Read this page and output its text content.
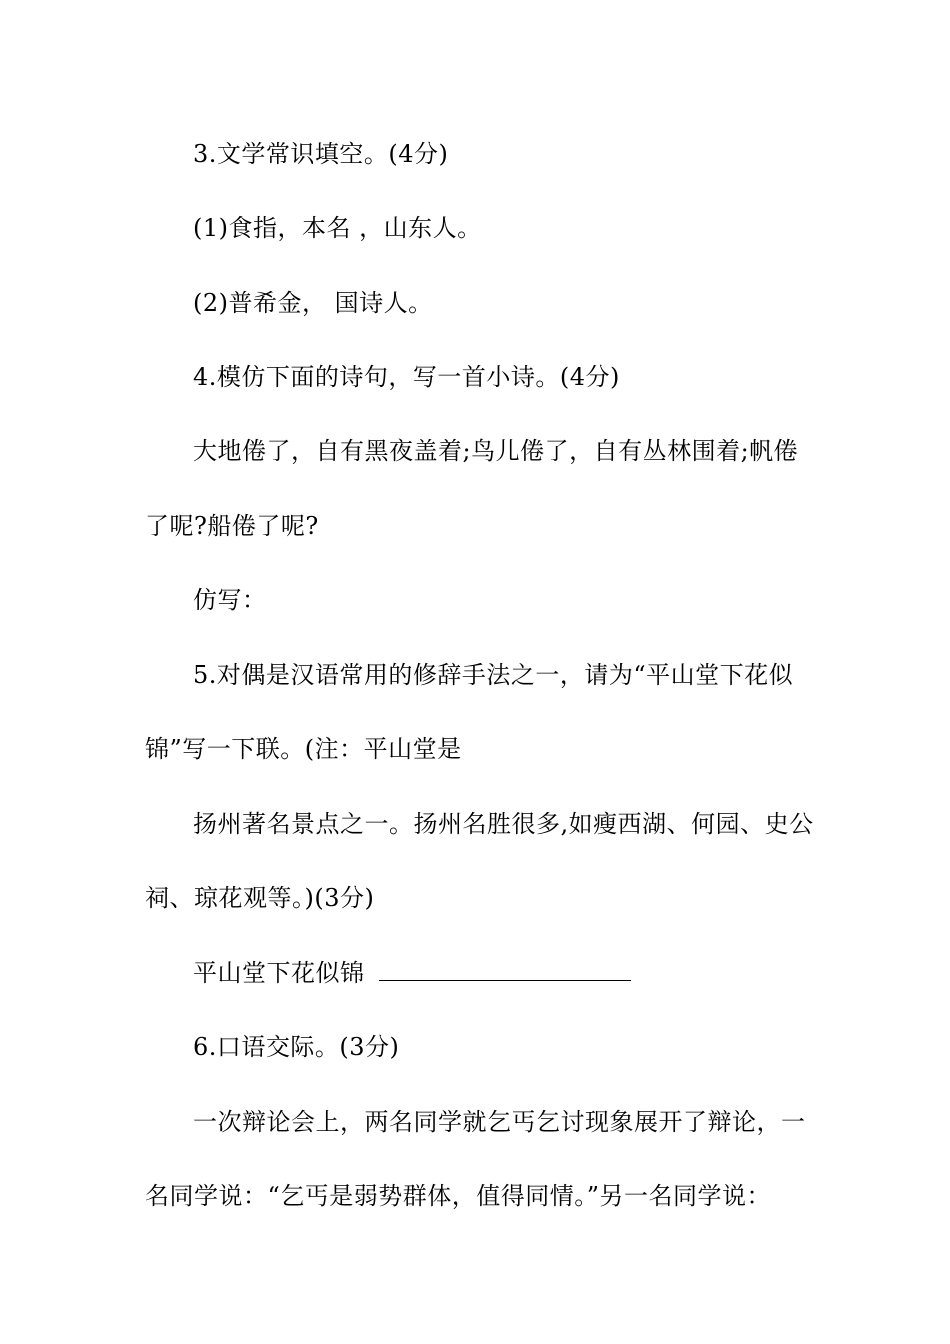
3.文学常识填空。(4分)
(1)食指，本名 ，山东人。
(2)普希金， 国诗人。
4.模仿下面的诗句，写一首小诗。(4分)
大地倦了，自有黑夜盖着;鸟儿倦了，自有丛林围着;帆倦
了呢?船倦了呢?
仿写：
5.对偶是汉语常用的修辞手法之一，请为“平山堂下花似
锦”写一下联。(注：平山堂是
扬州著名景点之一。扬州名胜很多,如瘦西湖、何园、史公
祠、琼花观等。)(3分)
平山堂下花似锦
6.口语交际。(3分)
一次辩论会上，两名同学就乞丐乞讨现象展开了辩论，一
名同学说：“乞丐是弱势群体，值得同情。”另一名同学说：
